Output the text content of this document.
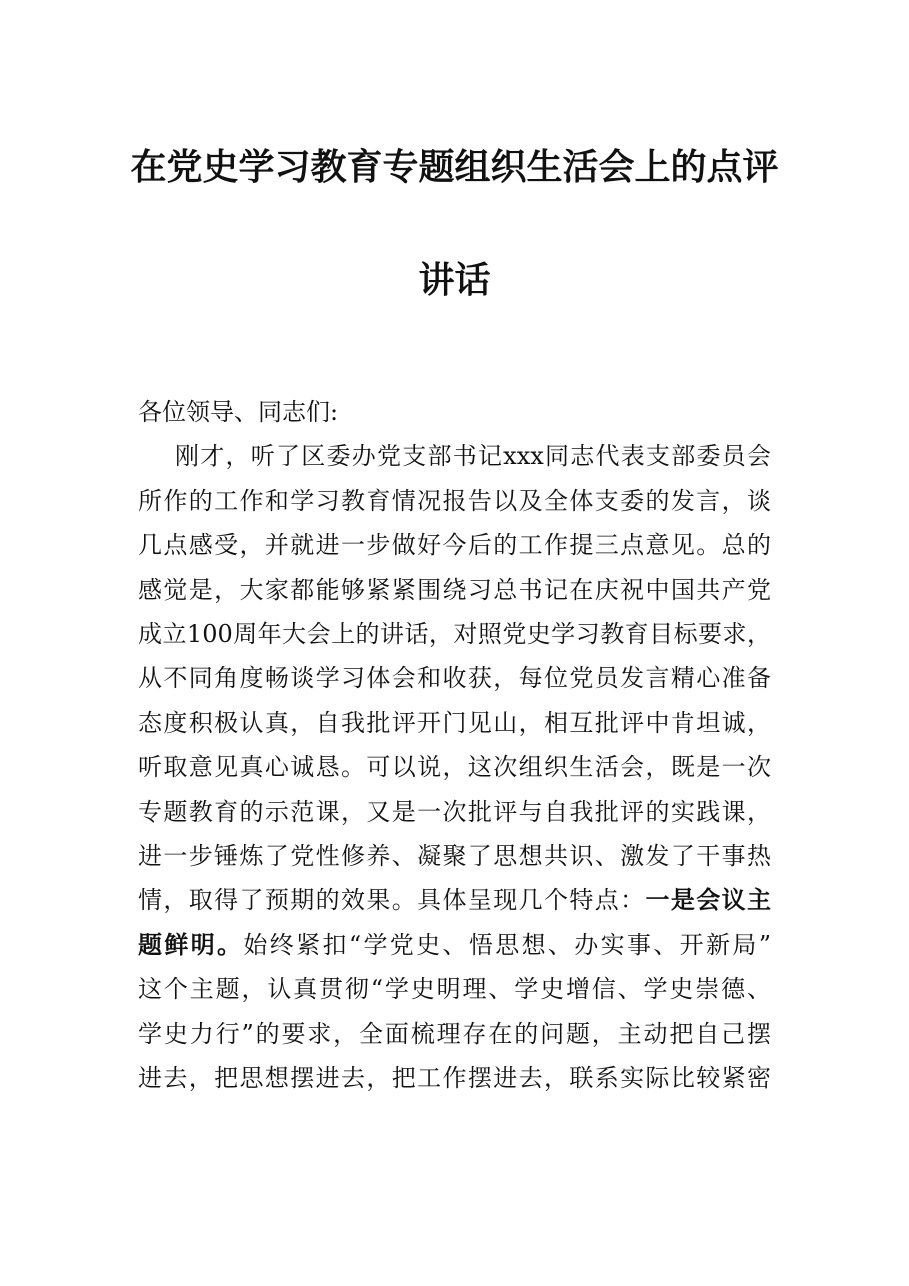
在党史学习教育专题组织生活会上的点评
讲话

各位领导、同志们:

刚才，听了区委办党支部书记xxx同志代表支部委员会
所作的工作和学习教育情况报告以及全体支委的发言，谈
几点感受，并就进一步做好今后的工作提三点意见。总的
感觉是，大家都能够紧紧围绕习总书记在庆祝中国共产党
成立100周年大会上的讲话，对照党史学习教育目标要求，
从不同角度畅谈学习体会和收获，每位党员发言精心准备
态度积极认真，自我批评开门见山，相互批评中肯坦诚，
听取意见真心诚恳。可以说，这次组织生活会，既是一次
专题教育的示范课，又是一次批评与自我批评的实践课，
进一步锤炼了党性修养、凝聚了思想共识、激发了干事热
情，取得了预期的效果。具体呈现几个特点：一是会议主
题鲜明。始终紧扣“学党史、悟思想、办实事、开新局”
这个主题，认真贯彻“学史明理、学史增信、学史崇德、
学史力行”的要求，全面梳理存在的问题，主动把自己摆
进去，把思想摆进去，把工作摆进去，联系实际比较紧密
